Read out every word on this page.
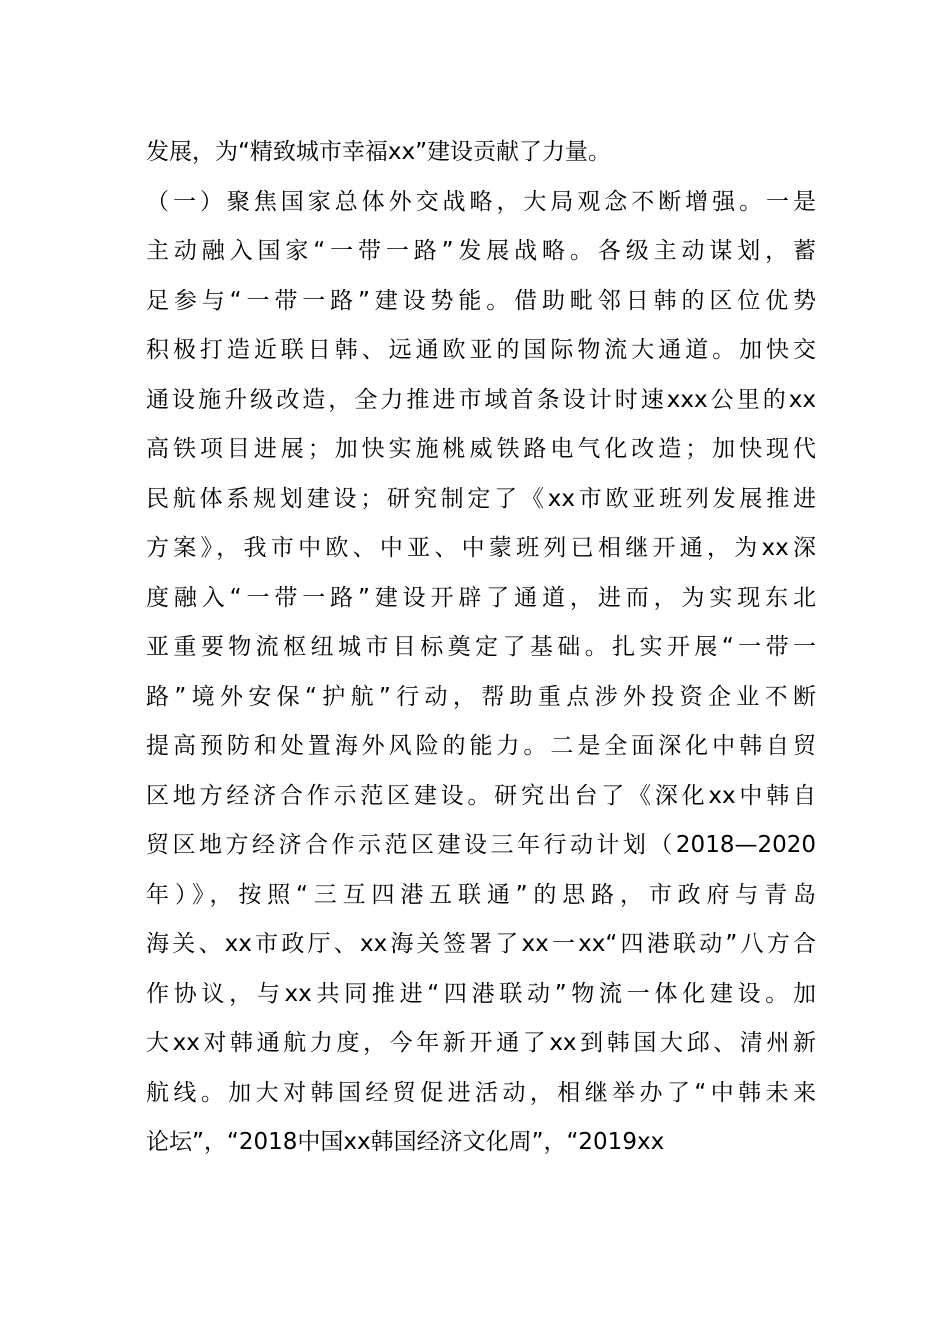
发展，为“精致城市幸福xx”建设贡献了力量。
（一）聚焦国家总体外交战略，大局观念不断增强。一是
主动融入国家“一带一路”发展战略。各级主动谋划，蓄
足参与“一带一路”建设势能。借助毗邻日韩的区位优势
积极打造近联日韩、远通欧亚的国际物流大通道。加快交
通设施升级改造，全力推进市域首条设计时速xxx公里的xx
高铁项目进展；加快实施桃威铁路电气化改造；加快现代
民航体系规划建设；研究制定了《xx市欧亚班列发展推进
方案》，我市中欧、中亚、中蒙班列已相继开通，为xx深
度融入“一带一路”建设开辟了通道，进而，为实现东北
亚重要物流枢纽城市目标奠定了基础。扎实开展“一带一
路”境外安保“护航”行动，帮助重点涉外投资企业不断
提高预防和处置海外风险的能力。二是全面深化中韩自贸
区地方经济合作示范区建设。研究出台了《深化xx中韩自
贸区地方经济合作示范区建设三年行动计划（2018—2020
年）》，按照“三互四港五联通”的思路，市政府与青岛
海关、xx市政厅、xx海关签署了xx一xx“四港联动”八方合
作协议，与xx共同推进“四港联动”物流一体化建设。加
大xx对韩通航力度，今年新开通了xx到韩国大邱、清州新
航线。加大对韩国经贸促进活动，相继举办了“中韩未来
论坛”，“2018中国xx韩国经济文化周”，“2019xx
